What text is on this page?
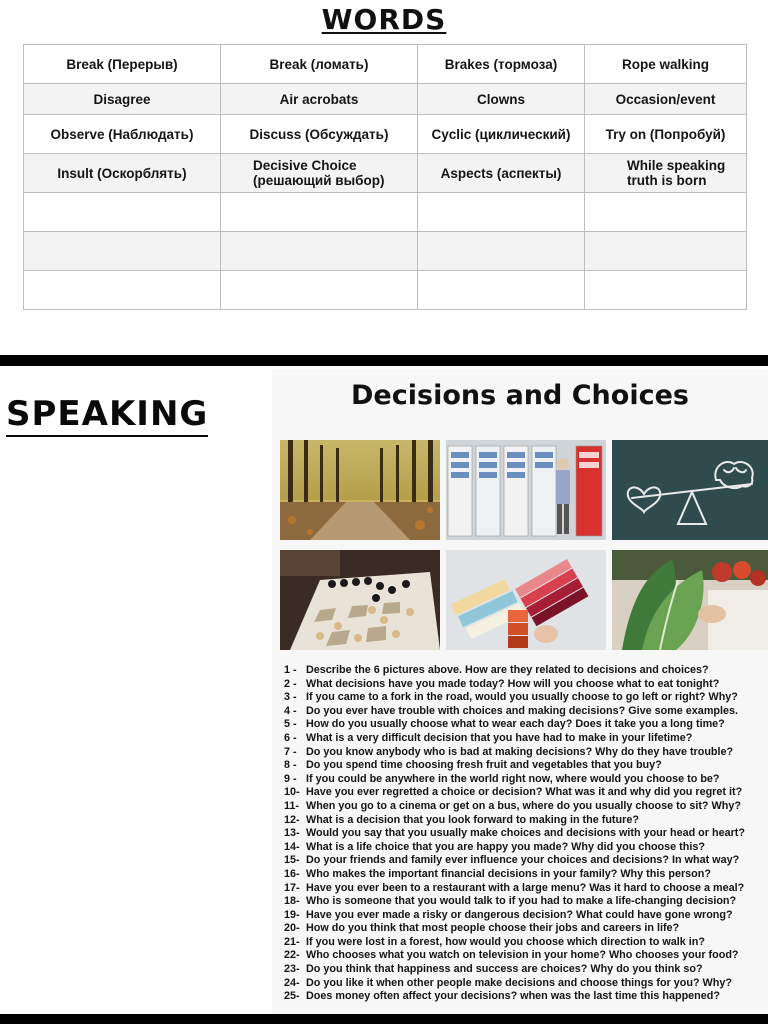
WORDS
Break (Перерыв)	Break (ломать)	Brakes (тормоза)	Rope walking
Disagree	Air acrobats	Clowns	Occasion/event
Observe (Наблюдать)	Discuss (Обсуждать)	Cyclic (циклический)	Try on (Попробуй)
Insult (Оскорблять)	Decisive Choice (решающий выбор)	Aspects (аспекты)	While speaking truth is born

SPEAKING	Decisions and Choices
1 - Describe the 6 pictures above. How are they related to decisions and choices?
2 - What decisions have you made today? How will you choose what to eat tonight?
3 - If you came to a fork in the road, would you usually choose to go left or right? Why?
4 - Do you ever have trouble with choices and making decisions? Give some examples.
5 - How do you usually choose what to wear each day? Does it take you a long time?
6 - What is a very difficult decision that you have had to make in your lifetime?
7 - Do you know anybody who is bad at making decisions? Why do they have trouble?
8 - Do you spend time choosing fresh fruit and vegetables that you buy?
9 - If you could be anywhere in the world right now, where would you choose to be?
10- Have you ever regretted a choice or decision? What was it and why did you regret it?
11- When you go to a cinema or get on a bus, where do you usually choose to sit? Why?
12- What is a decision that you look forward to making in the future?
13- Would you say that you usually make choices and decisions with your head or heart?
14- What is a life choice that you are happy you made? Why did you choose this?
15- Do your friends and family ever influence your choices and decisions? In what way?
16- Who makes the important financial decisions in your family? Why this person?
17- Have you ever been to a restaurant with a large menu? Was it hard to choose a meal?
18- Who is someone that you would talk to if you had to make a life-changing decision?
19- Have you ever made a risky or dangerous decision? What could have gone wrong?
20- How do you think that most people choose their jobs and careers in life?
21- If you were lost in a forest, how would you choose which direction to walk in?
22- Who chooses what you watch on television in your home? Who chooses your food?
23- Do you think that happiness and success are choices? Why do you think so?
24- Do you like it when other people make decisions and choose things for you? Why?
25- Does money often affect your decisions? when was the last time this happened?
